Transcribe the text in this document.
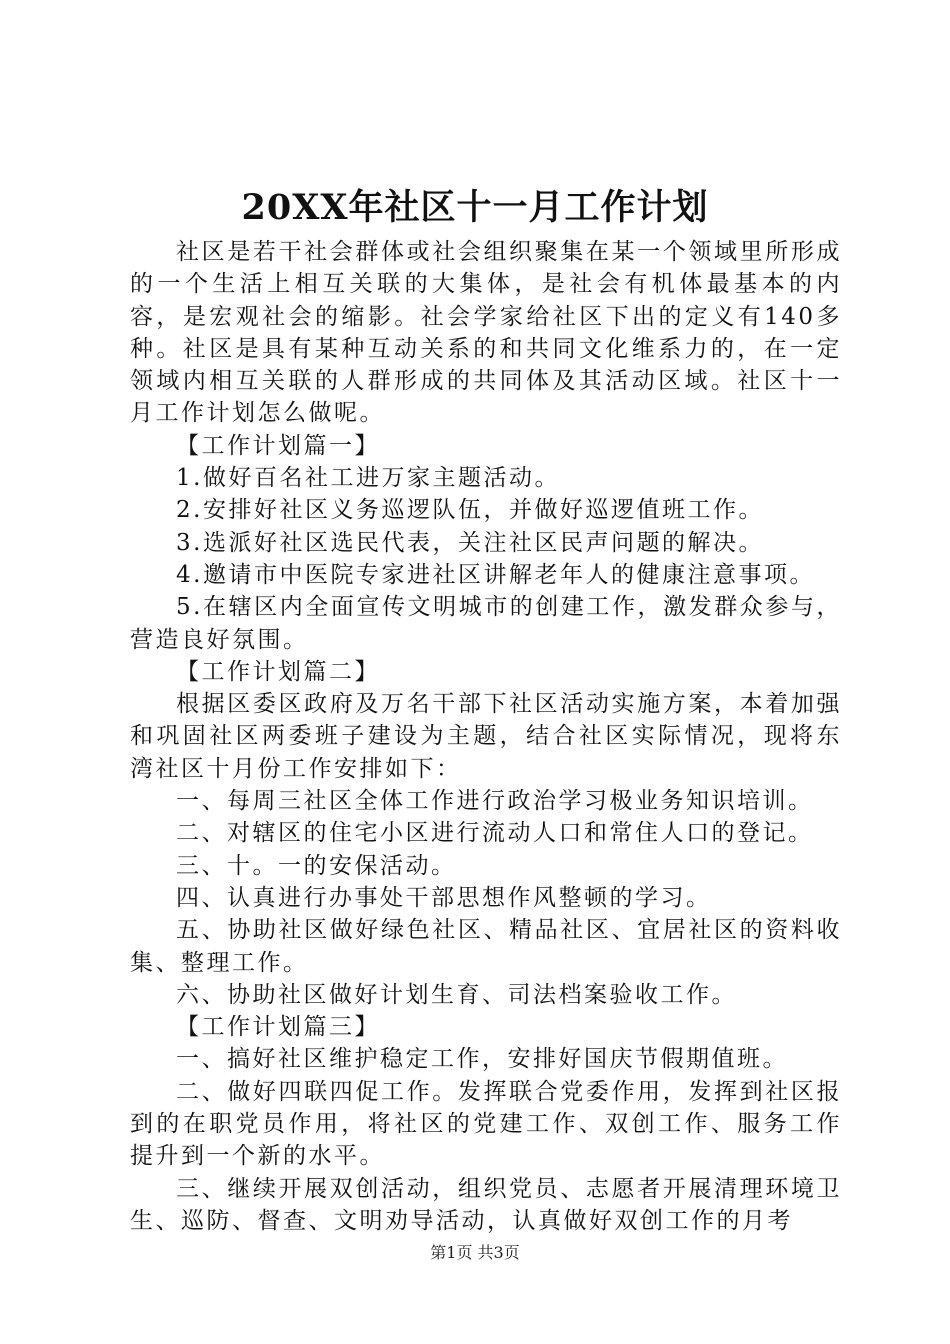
20XX年社区十一月工作计划

社区是若干社会群体或社会组织聚集在某一个领域里所形成的一个生活上相互关联的大集体，是社会有机体最基本的内容，是宏观社会的缩影。社会学家给社区下出的定义有140多种。社区是具有某种互动关系的和共同文化维系力的，在一定领域内相互关联的人群形成的共同体及其活动区域。社区十一月工作计划怎么做呢。

【工作计划篇一】

1.做好百名社工进万家主题活动。

2.安排好社区义务巡逻队伍，并做好巡逻值班工作。

3.选派好社区选民代表，关注社区民声问题的解决。

4.邀请市中医院专家进社区讲解老年人的健康注意事项。

5.在辖区内全面宣传文明城市的创建工作，激发群众参与，营造良好氛围。

【工作计划篇二】

根据区委区政府及万名干部下社区活动实施方案，本着加强和巩固社区两委班子建设为主题，结合社区实际情况，现将东湾社区十月份工作安排如下：

一、每周三社区全体工作进行政治学习极业务知识培训。

二、对辖区的住宅小区进行流动人口和常住人口的登记。

三、十。一的安保活动。

四、认真进行办事处干部思想作风整顿的学习。

五、协助社区做好绿色社区、精品社区、宜居社区的资料收集、整理工作。

六、协助社区做好计划生育、司法档案验收工作。

【工作计划篇三】

一、搞好社区维护稳定工作，安排好国庆节假期值班。

二、做好四联四促工作。发挥联合党委作用，发挥到社区报到的在职党员作用，将社区的党建工作、双创工作、服务工作提升到一个新的水平。

三、继续开展双创活动，组织党员、志愿者开展清理环境卫生、巡防、督查、文明劝导活动，认真做好双创工作的月考

第1页 共3页
